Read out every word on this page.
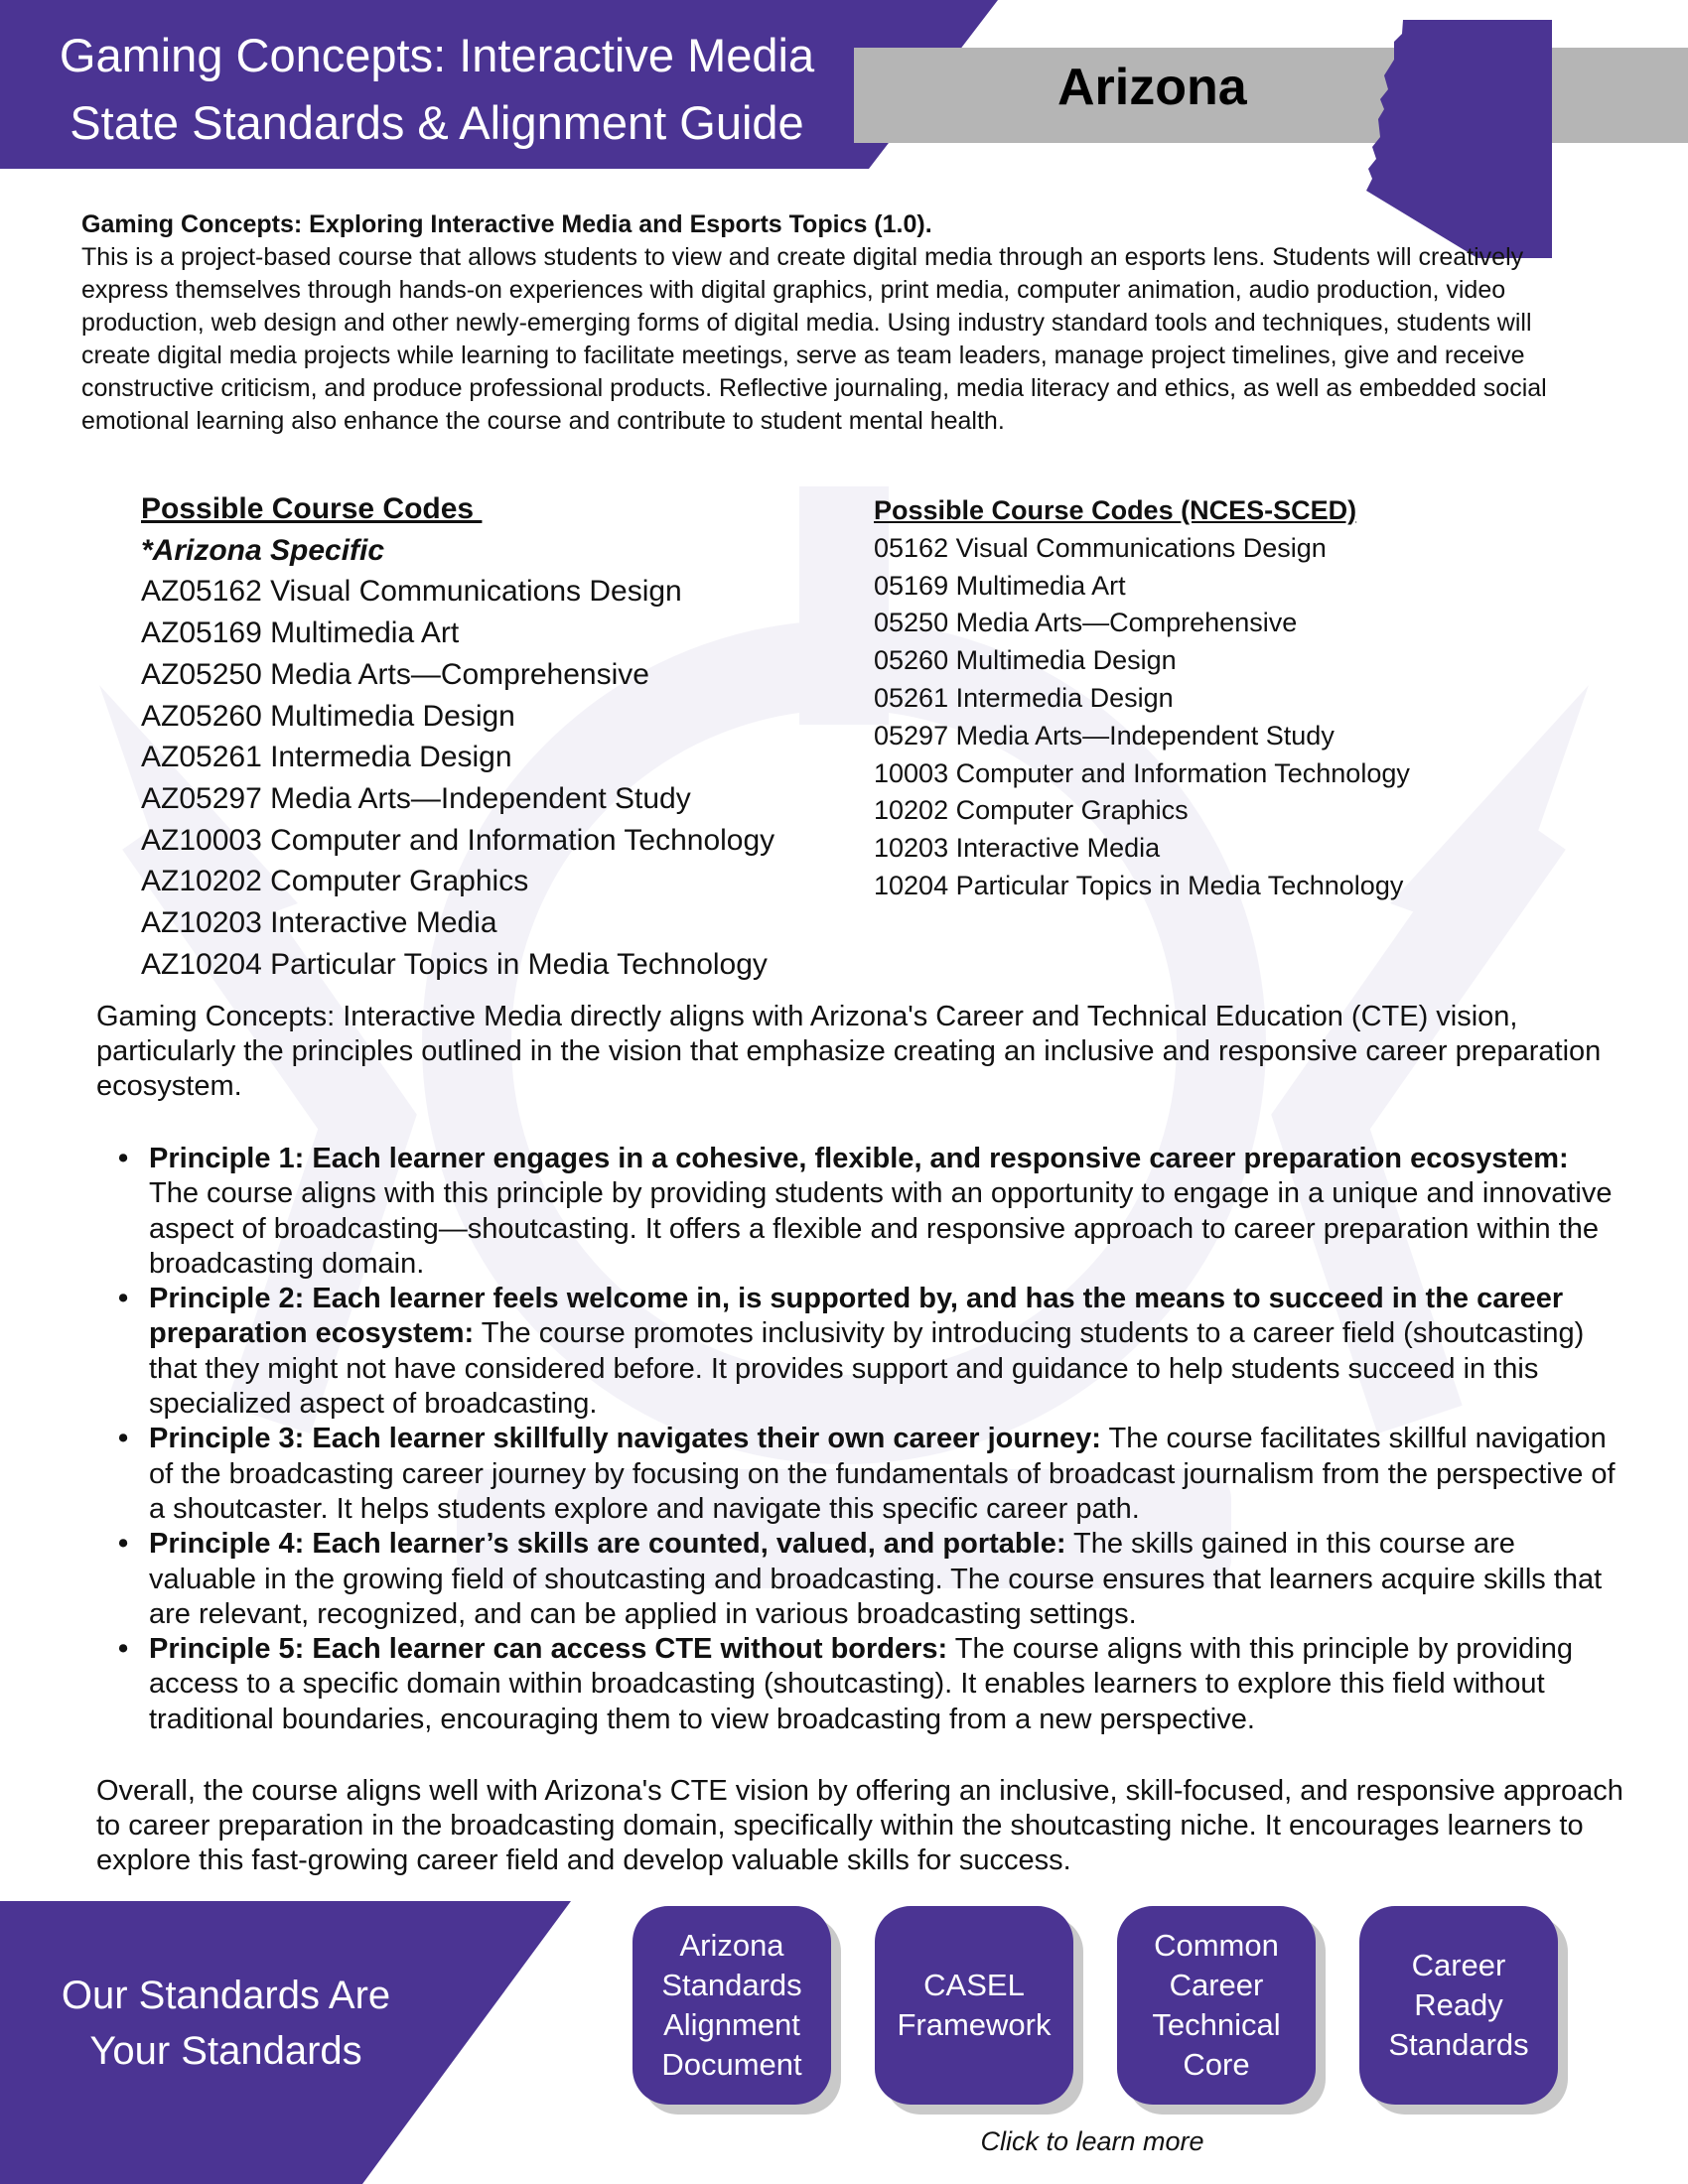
Gaming Concepts: Interactive Media
State Standards & Alignment Guide
Arizona
Gaming Concepts: Exploring Interactive Media and Esports Topics (1.0).
This is a project-based course that allows students to view and create digital media through an esports lens. Students will creatively express themselves through hands-on experiences with digital graphics, print media, computer animation, audio production, video production, web design and other newly-emerging forms of digital media. Using industry standard tools and techniques, students will create digital media projects while learning to facilitate meetings, serve as team leaders, manage project timelines, give and receive constructive criticism, and produce professional products. Reflective journaling, media literacy and ethics, as well as embedded social emotional learning also enhance the course and contribute to student mental health.
Possible Course Codes
*Arizona Specific
AZ05162 Visual Communications Design
AZ05169 Multimedia Art
AZ05250 Media Arts—Comprehensive
AZ05260 Multimedia Design
AZ05261 Intermedia Design
AZ05297 Media Arts—Independent Study
AZ10003 Computer and Information Technology
AZ10202 Computer Graphics
AZ10203 Interactive Media
AZ10204 Particular Topics in Media Technology
Possible Course Codes (NCES-SCED)
05162 Visual Communications Design
05169 Multimedia Art
05250 Media Arts—Comprehensive
05260 Multimedia Design
05261 Intermedia Design
05297 Media Arts—Independent Study
10003 Computer and Information Technology
10202 Computer Graphics
10203 Interactive Media
10204 Particular Topics in Media Technology
Gaming Concepts: Interactive Media directly aligns with Arizona's Career and Technical Education (CTE) vision, particularly the principles outlined in the vision that emphasize creating an inclusive and responsive career preparation ecosystem.
• Principle 1: Each learner engages in a cohesive, flexible, and responsive career preparation ecosystem: The course aligns with this principle by providing students with an opportunity to engage in a unique and innovative aspect of broadcasting—shoutcasting. It offers a flexible and responsive approach to career preparation within the broadcasting domain.
• Principle 2: Each learner feels welcome in, is supported by, and has the means to succeed in the career preparation ecosystem: The course promotes inclusivity by introducing students to a career field (shoutcasting) that they might not have considered before. It provides support and guidance to help students succeed in this specialized aspect of broadcasting.
• Principle 3: Each learner skillfully navigates their own career journey: The course facilitates skillful navigation of the broadcasting career journey by focusing on the fundamentals of broadcast journalism from the perspective of a shoutcaster. It helps students explore and navigate this specific career path.
• Principle 4: Each learner’s skills are counted, valued, and portable: The skills gained in this course are valuable in the growing field of shoutcasting and broadcasting. The course ensures that learners acquire skills that are relevant, recognized, and can be applied in various broadcasting settings.
• Principle 5: Each learner can access CTE without borders: The course aligns with this principle by providing access to a specific domain within broadcasting (shoutcasting). It enables learners to explore this field without traditional boundaries, encouraging them to view broadcasting from a new perspective.
Overall, the course aligns well with Arizona's CTE vision by offering an inclusive, skill-focused, and responsive approach to career preparation in the broadcasting domain, specifically within the shoutcasting niche. It encourages learners to explore this fast-growing career field and develop valuable skills for success.
Our Standards Are
Your Standards
Arizona
Standards
Alignment
Document
CASEL
Framework
Common
Career
Technical
Core
Career
Ready
Standards
Click to learn more
